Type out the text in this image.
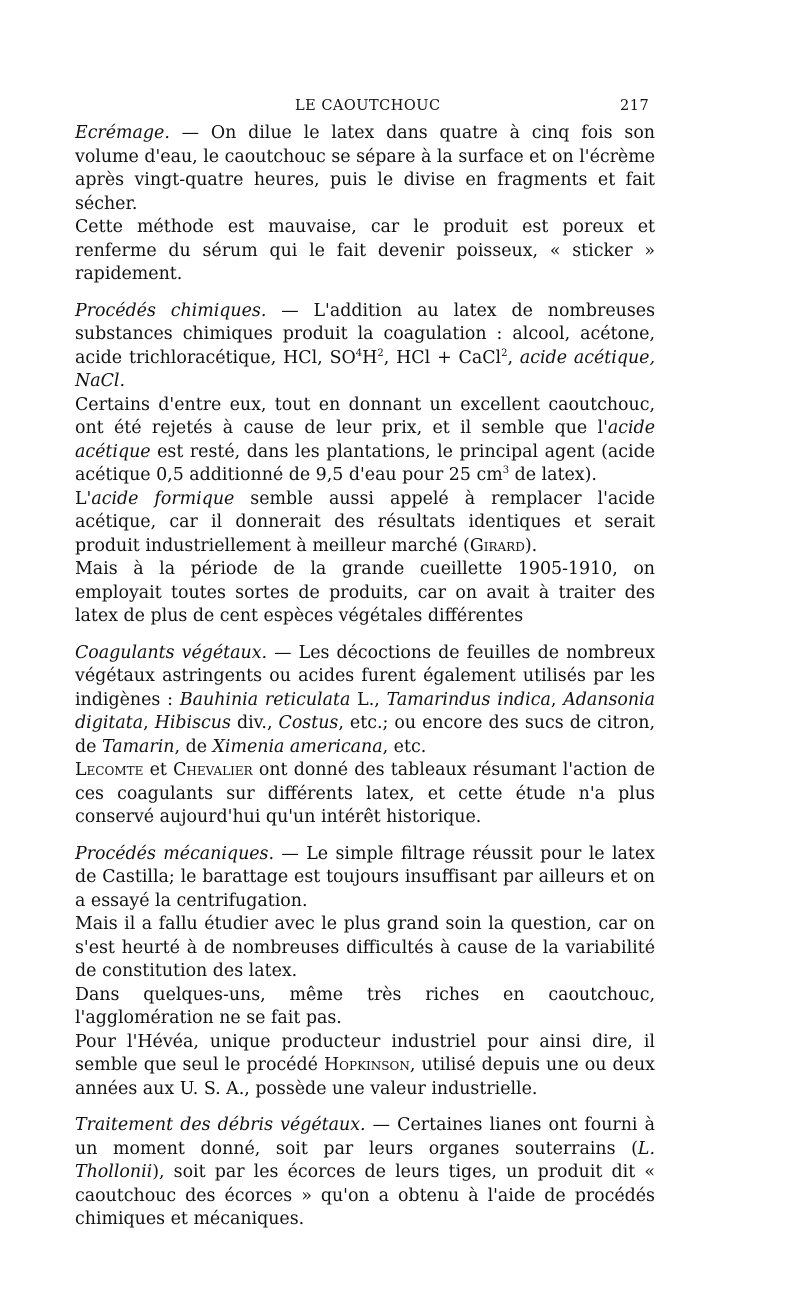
LE CAOUTCHOUC	217

Ecrémage. — On dilue le latex dans quatre à cinq fois son volume d'eau, le caoutchouc se sépare à la surface et on l'écrème après vingt-quatre heures, puis le divise en fragments et fait sécher.

Cette méthode est mauvaise, car le produit est poreux et renferme du sérum qui le fait devenir poisseux, « sticker » rapidement.

Procédés chimiques. — L'addition au latex de nombreuses substances chimiques produit la coagulation : alcool, acétone, acide trichloracétique, HCl, $SO^4H^2$, HCl + CaCl$^2$, acide acétique, NaCl.

Certains d'entre eux, tout en donnant un excellent caoutchouc, ont été rejetés à cause de leur prix, et il semble que l'acide acétique est resté, dans les plantations, le principal agent (acide acétique 0,5 additionné de 9,5 d'eau pour 25 $cm^3$ de latex).

L'acide formique semble aussi appelé à remplacer l'acide acétique, car il donnerait des résultats identiques et serait produit industriellement à meilleur marché (Girard).

Mais à la période de la grande cueillette 1905-1910, on employait toutes sortes de produits, car on avait à traiter des latex de plus de cent espèces végétales différentes

Coagulants végétaux. — Les décoctions de feuilles de nombreux végétaux astringents ou acides furent également utilisés par les indigènes : Bauhinia reticulata L., Tamarindus indica, Adansonia digitata, Hibiscus div., Costus, etc.; ou encore des sucs de citron, de Tamarin, de Ximenia americana, etc.

Lecomte et Chevalier ont donné des tableaux résumant l'action de ces coagulants sur différents latex, et cette étude n'a plus conservé aujourd'hui qu'un intérêt historique.

Procédés mécaniques. — Le simple filtrage réussit pour le latex de Castilla; le barattage est toujours insuffisant par ailleurs et on a essayé la centrifugation.

Mais il a fallu étudier avec le plus grand soin la question, car on s'est heurté à de nombreuses difficultés à cause de la variabilité de constitution des latex.

Dans quelques-uns, même très riches en caoutchouc, l'agglomération ne se fait pas.

Pour l'Hévéa, unique producteur industriel pour ainsi dire, il semble que seul le procédé Hopkinson, utilisé depuis une ou deux années aux U. S. A., possède une valeur industrielle.

Traitement des débris végétaux. — Certaines lianes ont fourni à un moment donné, soit par leurs organes souterrains (L. Thollonii), soit par les écorces de leurs tiges, un produit dit « caoutchouc des écorces » qu'on a obtenu à l'aide de procédés chimiques et mécaniques.
